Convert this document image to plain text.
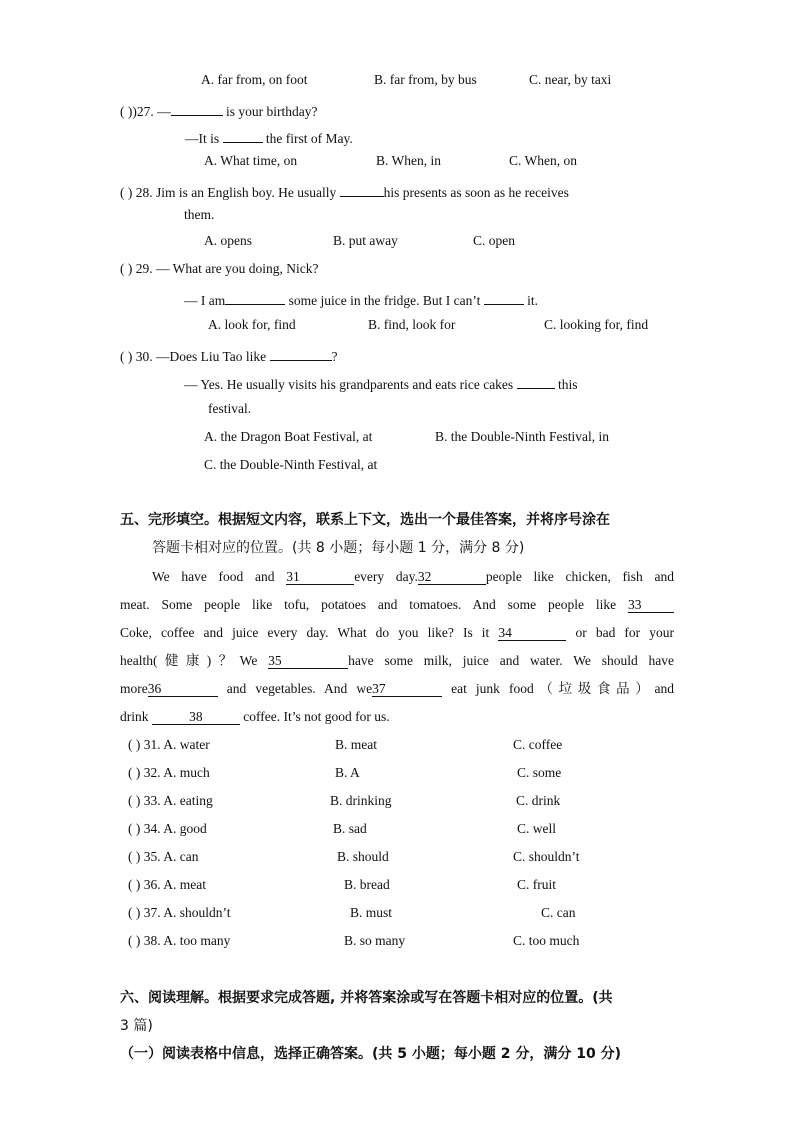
A. far from, on foot	B. far from, by bus	C. near, by taxi
( ))27. —	is your birthday?
—It is	the first of May.
A. What time, on	B. When, in	C. When, on
( ) 28. Jim is an English boy. He usually	his presents as soon as he receives
them.
A. opens	B. put away	C. open
( ) 29. — What are you doing, Nick?
— I am	some juice in the fridge. But I can’t	it.
A. look for, find	B. find, look for	C. looking for, find
( ) 30. —Does Liu Tao like	?
— Yes. He usually visits his grandparents and eats rice cakes	this
festival.
A. the Dragon Boat Festival, at	B. the Double-Ninth Festival, in
C. the Double-Ninth Festival, at
五、完形填空。根据短文内容，联系上下文，选出一个最佳答案，并将序号涂在
答题卡相对应的位置。(共 8 小题；每小题 1 分，满分 8 分)
We have food and 31	every day.32	people like chicken, fish and
meat. Some people like tofu, potatoes and tomatoes. And some people like 33
Coke, coffee and juice every day. What do you like? Is it 34	or bad for your
health(健康)？We 35	have some milk, juice and water. We should have
more36	and vegetables. And we37	eat junk food（垃圾食品）and
drink	38	coffee. It’s not good for us.
( ) 31. A. water	B. meat	C. coffee
( ) 32. A. much	B. A	C. some
( ) 33. A. eating	B. drinking	C. drink
( ) 34. A. good	B. sad	C. well
( ) 35. A. can	B. should	C. shouldn’t
( ) 36. A. meat	B. bread	C. fruit
( ) 37. A. shouldn’t	B. must	C. can
( ) 38. A. too many	B. so many	C. too much
六、阅读理解。根据要求完成答题, 并将答案涂或写在答题卡相对应的位置。(共
3 篇)
（一）阅读表格中信息，选择正确答案。(共 5 小题；每小题 2 分，满分 10 分)
